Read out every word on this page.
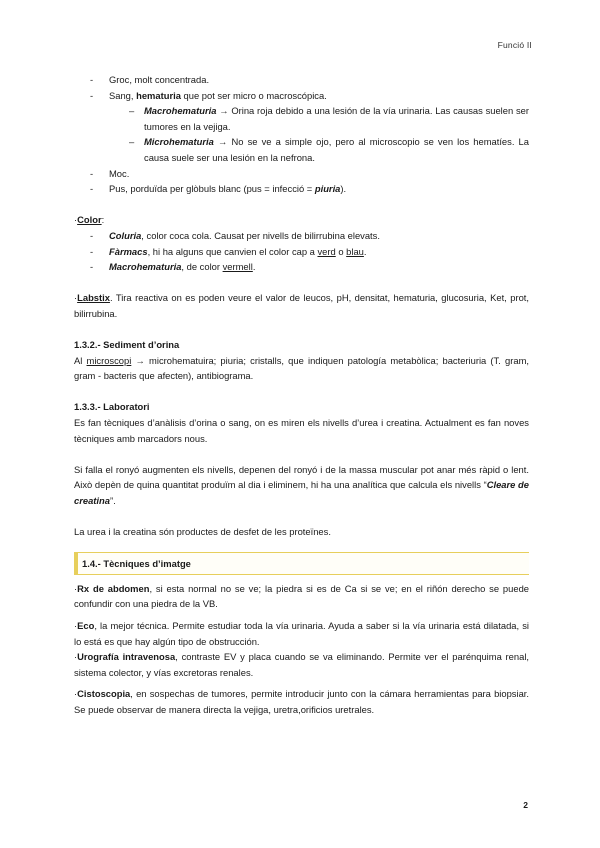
Funció II

- Groc, molt concentrada.

- Sang, hematuria que pot ser micro o macroscópica.

– Macrohematuria → Orina roja debido a una lesión de la vía urinaria. Las causas suelen ser tumores en la vejiga.

– Microhematuria → No se ve a simple ojo, pero al microscopio se ven los hematíes. La causa suele ser una lesión en la nefrona.

- Moc.

- Pus, porduïda per glòbuls blanc (pus = infecció = piuria).

·Color:

- Coluria, color coca cola. Causat per nivells de bilirrubina elevats.

- Fàrmacs, hi ha alguns que canvien el color cap a verd o blau.

- Macrohematuria, de color vermell.

·Labstix. Tira reactiva on es poden veure el valor de leucos, pH, densitat, hematuria, glucosuria, Ket, prot, bilirrubina.

1.3.2.- Sediment d’orina

Al microscopi → microhematuira; piuria; cristalls, que indiquen patología metabòlica; bacteriuria (T. gram, gram - bacteris que afecten), antibiograma.

1.3.3.- Laboratori

Es fan tècniques d’anàlisis d’orina o sang, on es miren els nivells d’urea i creatina. Actualment es fan noves tècniques amb marcadors nous.

Si falla el ronyó augmenten els nivells, depenen del ronyó i de la massa muscular pot anar més ràpid o lent. Això depèn de quina quantitat produïm al dia i eliminem, hi ha una analítica que calcula els nivells “Cleare de creatina”.

La urea i la creatina són productes de desfet de les proteïnes.

1.4.- Tècniques d’imatge

·Rx de abdomen, si esta normal no se ve; la piedra si es de Ca si se ve; en el riñón derecho se puede confundir con una piedra de la VB.

·Eco, la mejor técnica. Permite estudiar toda la vía urinaria. Ayuda a saber si la vía urinaria está dilatada, si lo está es que hay algún tipo de obstrucción.

·Urografía intravenosa, contraste EV y placa cuando se va eliminando. Permite ver el parénquima renal, sistema colector, y vías excretoras renales.

·Cistoscopia, en sospechas de tumores, permite introducir junto con la cámara herramientas para biopsiar. Se puede observar de manera directa la vejiga, uretra,orificios uretrales.

2
